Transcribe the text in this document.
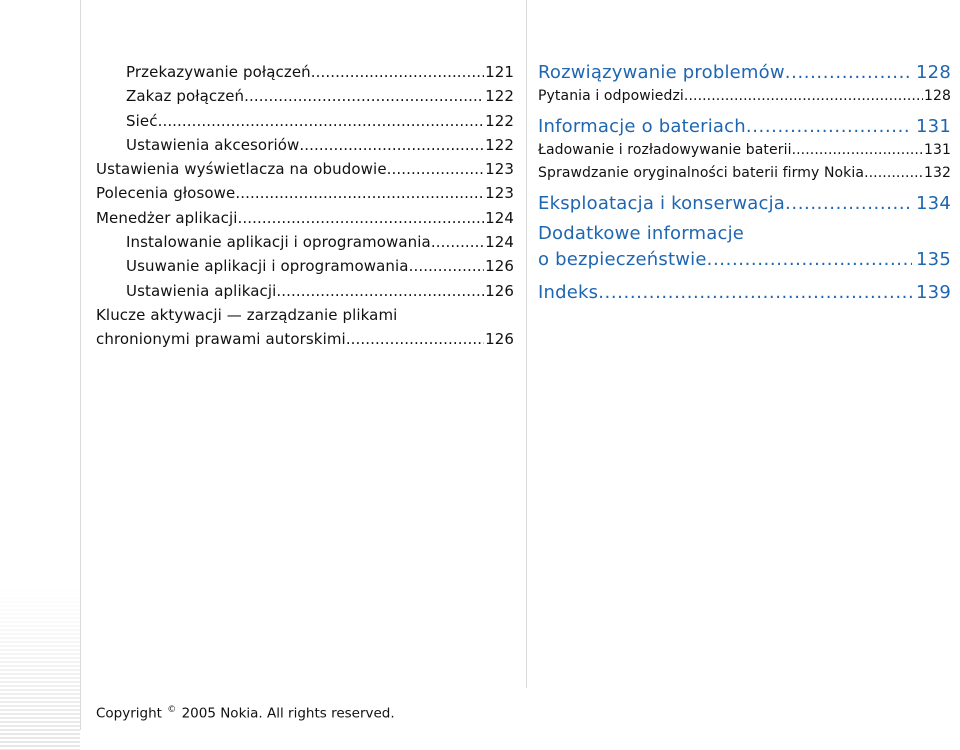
Przekazywanie połączeń .....	121
Zakaz połączeń .....	122
Sieć .....	122
Ustawienia akcesoriów .....	122
Ustawienia wyświetlacza na obudowie .....	123
Polecenia głosowe .....	123
Menedżer aplikacji .....	124
Instalowanie aplikacji i oprogramowania .....	124
Usuwanie aplikacji i oprogramowania .....	126
Ustawienia aplikacji .....	126
Klucze aktywacji — zarządzanie plikami
chronionymi prawami autorskimi .....	126
Rozwiązywanie problemów .....	128
Pytania i odpowiedzi .....	128
Informacje o bateriach .....	131
Ładowanie i rozładowywanie baterii .....	131
Sprawdzanie oryginalności baterii firmy Nokia .....	132
Eksploatacja i konserwacja .....	134
Dodatkowe informacje
o bezpieczeństwie .....	135
Indeks .....	139
Copyright © 2005 Nokia. All rights reserved.
